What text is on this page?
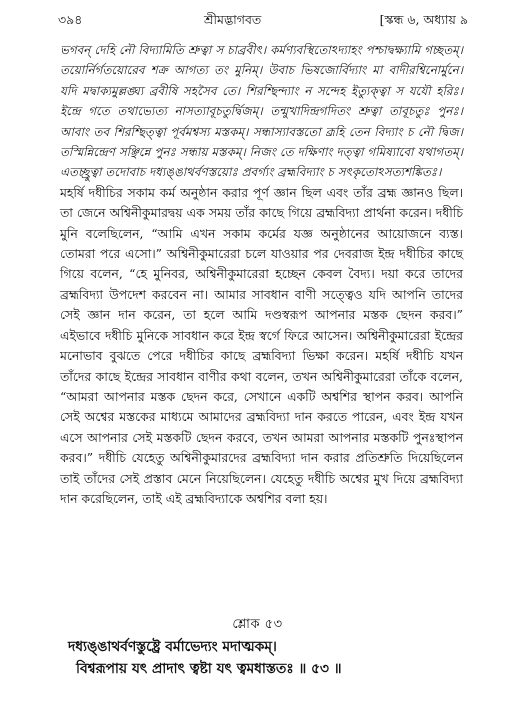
৩৯৪	শ্রীমদ্ভাগবত	[স্কন্ধ ৬, অধ্যায় ৯

ভগবন্ দেহি নৌ বিদ্যামিতি শ্রুত্বা স চাব্রবীৎ। কর্মণ্যবস্থিতোঽদ্যাহং পশ্চাদ্বক্ষ্যামি গচ্ছতম্। তয়োর্নির্গতয়োরেব শক্র আগত্য তং মুনিম্। উবাচ ভিষজোর্বিদ্যাং মা বাদীরশ্বিনোর্মুনে। যদি মদ্বাক্যমুল্লঙ্ঘ্য ব্রবীষি সহসৈব তে। শিরশ্ছিন্দ্যাং ন সন্দেহ ইত্যুক্ত্বা স যযৌ হরিঃ। ইন্দ্রে গতে তথাভ্যেত্য নাসত্যাবূচতুর্দ্বিজম্। তন্মুখাদিন্দ্রগদিতং শ্রুত্বা তাবূচতুঃ পুনঃ। আবাং তব শিরশ্ছিত্ত্বা পূর্বমশ্বস্য মস্তকম্। সন্ধাস্যাবস্ততো ব্রূহি তেন বিদ্যাং চ নৌ দ্বিজ। তস্মিন্নিন্দ্রেণ সঞ্ছিন্নে পুনঃ সন্ধায় মস্তকম্। নিজং তে দক্ষিণাং দত্ত্বা গমিষ্যাবো যথাগতম্। এতচ্ছ্রুত্বা তদোবাচ দধ্যঙ্ঙাথর্বণস্তয়োঃ প্রবর্গ্যং ব্রহ্মবিদ্যাং চ সৎকৃতোঽসত্যশঙ্কিতঃ।

মহর্ষি দধীচির সকাম কর্ম অনুষ্ঠান করার পূর্ণ জ্ঞান ছিল এবং তাঁর ব্রহ্ম জ্ঞানও ছিল। তা জেনে অশ্বিনীকুমারদ্বয় এক সময় তাঁর কাছে গিয়ে ব্রহ্মবিদ্যা প্রার্থনা করেন। দধীচি মুনি বলেছিলেন, “আমি এখন সকাম কর্মের যজ্ঞ অনুষ্ঠানের আয়োজনে ব্যস্ত। তোমরা পরে এসো।” অশ্বিনীকুমারেরা চলে যাওয়ার পর দেবরাজ ইন্দ্র দধীচির কাছে গিয়ে বলেন, “হে মুনিবর, অশ্বিনীকুমারেরা হচ্ছেন কেবল বৈদ্য। দয়া করে তাদের ব্রহ্মবিদ্যা উপদেশ করবেন না। আমার সাবধান বাণী সত্ত্বেও যদি আপনি তাদের সেই জ্ঞান দান করেন, তা হলে আমি দণ্ডস্বরূপ আপনার মস্তক ছেদন করব।” এইভাবে দধীচি মুনিকে সাবধান করে ইন্দ্র স্বর্গে ফিরে আসেন। অশ্বিনীকুমারেরা ইন্দ্রের মনোভাব বুঝতে পেরে দধীচির কাছে ব্রহ্মবিদ্যা ভিক্ষা করেন। মহর্ষি দধীচি যখন তাঁদের কাছে ইন্দ্রের সাবধান বাণীর কথা বলেন, তখন অশ্বিনীকুমারেরা তাঁকে বলেন, “আমরা আপনার মস্তক ছেদন করে, সেখানে একটি অশ্বশির স্থাপন করব। আপনি সেই অশ্বের মস্তকের মাধ্যমে আমাদের ব্রহ্মবিদ্যা দান করতে পারেন, এবং ইন্দ্র যখন এসে আপনার সেই মস্তকটি ছেদন করবে, তখন আমরা আপনার মস্তকটি পুনঃস্থাপন করব।” দধীচি যেহেতু অশ্বিনীকুমারদের ব্রহ্মবিদ্যা দান করার প্রতিশ্রুতি দিয়েছিলেন তাই তাঁদের সেই প্রস্তাব মেনে নিয়েছিলেন। যেহেতু দধীচি অশ্বের মুখ দিয়ে ব্রহ্মবিদ্যা দান করেছিলেন, তাই এই ব্রহ্মবিদ্যাকে অশ্বশির বলা হয়।

শ্লোক ৫৩

দধ্যঙ্ঙাথর্বণস্তুষ্ট্রে বর্মাভেদ্যং মদাত্মকম্।

বিশ্বরূপায় যৎ প্রাদাৎ ত্বষ্টা যৎ ত্বমধাস্ততঃ ॥ ৫৩ ॥
